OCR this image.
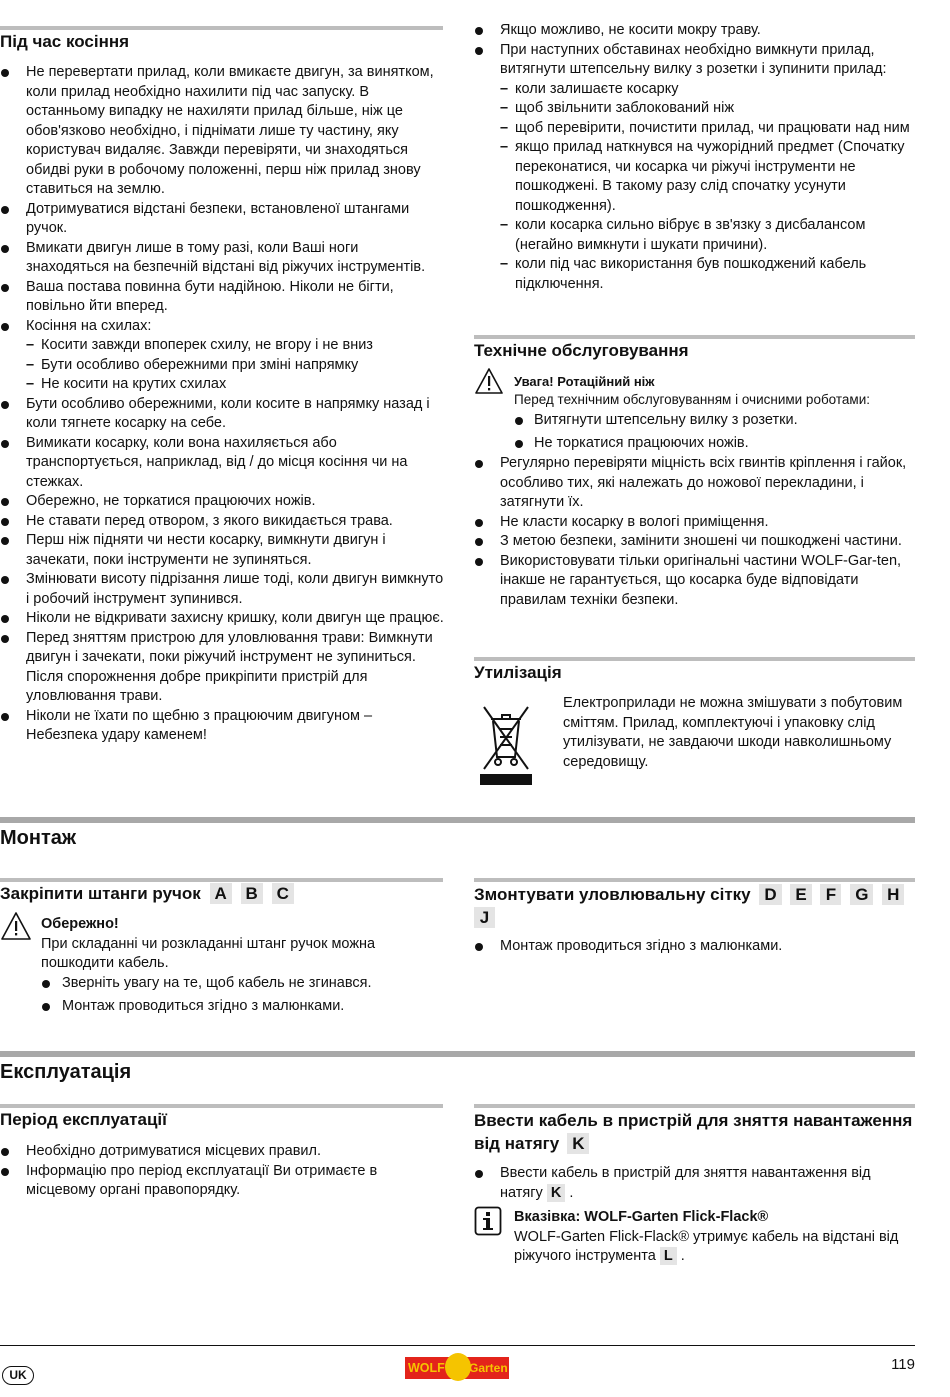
Під час косіння
Не перевертати прилад, коли вмикаєте двигун, за винятком, коли прилад необхідно нахилити під час запуску. В останньому випадку не нахиляти прилад більше, ніж це обов'язково необхідно, і піднімати лише ту частину, яку користувач видаляє. Завжди перевіряти, чи знаходяться обидві руки в робочому положенні, перш ніж прилад знову ставиться на землю.
Дотримуватися відстані безпеки, встановленої штангами ручок.
Вмикати двигун лише в тому разі, коли Ваші ноги знаходяться на безпечній відстані від ріжучих інструментів.
Ваша постава повинна бути надійною. Ніколи не бігти, повільно йти вперед.
Косіння на схилах:
– Косити завжди впоперек схилу, не вгору і не вниз
– Бути особливо обережними при зміні напрямку
– Не косити на крутих схилах
Бути особливо обережними, коли косите в напрямку назад і коли тягнете косарку на себе.
Вимикати косарку, коли вона нахиляється або транспортується, наприклад, від / до місця косіння чи на стежках.
Обережно, не торкатися працюючих ножів.
Не ставати перед отвором, з якого викидається трава.
Перш ніж підняти чи нести косарку, вимкнути двигун і зачекати, поки інструменти не зупиняться.
Змінювати висоту підрізання лише тоді, коли двигун вимкнуто і робочий інструмент зупинився.
Ніколи не відкривати захисну кришку, коли двигун ще працює.
Перед зняттям пристрою для уловлювання трави: Вимкнути двигун і зачекати, поки ріжучий інструмент не зупиниться. Після спорожнення добре прикріпити пристрій для уловлювання трави.
Ніколи не їхати по щебню з працюючим двигуном – Небезпека удару каменем!
Якщо можливо, не косити мокру траву.
При наступних обставинах необхідно вимкнути прилад, витягнути штепсельну вилку з розетки і зупинити прилад:
– коли залишаєте косарку
– щоб звільнити заблокований ніж
– щоб перевірити, почистити прилад, чи працювати над ним
– якщо прилад наткнувся на чужорідний предмет (Спочатку переконатися, чи косарка чи ріжучі інструменти не пошкоджені. В такому разу слід спочатку усунути пошкодження).
– коли косарка сильно вібрує в зв'язку з дисбалансом (негайно вимкнути і шукати причини).
– коли під час використання був пошкоджений кабель підключення.
Технічне обслуговування
Увага! Ротаційний ніж
Перед технічним обслуговуванням і очисними роботами:
Витягнути штепсельну вилку з розетки.
Не торкатися працюючих ножів.
Регулярно перевіряти міцність всіх гвинтів кріплення і гайок, особливо тих, які належать до ножової перекладини, і затягнути їх.
Не класти косарку в вологі приміщення.
З метою безпеки, замінити зношені чи пошкоджені частини.
Використовувати тільки оригінальні частини WOLF-Gar-ten, інакше не гарантується, що косарка буде відповідати правилам техніки безпеки.
Утилізація
Електроприлади не можна змішувати з побутовим сміттям. Прилад, комплектуючі і упаковку слід утилізувати, не завдаючи шкоди навколишньому середовищу.
Монтаж
Закріпити штанги ручок A B C
Обережно!
При складанні чи розкладанні штанг ручок можна пошкодити кабель.
Зверніть увагу на те, щоб кабель не згинався.
Монтаж проводиться згідно з малюнками.
Змонтувати уловлювальну сітку D E F G H J
Монтаж проводиться згідно з малюнками.
Експлуатація
Період експлуатації
Необхідно дотримуватися місцевих правил.
Інформацію про період експлуатації Ви отримаєте в місцевому органі правопорядку.
Ввести кабель в пристрій для зняття навантаження
від натягу K
Ввести кабель в пристрій для зняття навантаження від натягу K .
Вказівка: WOLF-Garten Flick-Flack®
WOLF-Garten Flick-Flack® утримує кабель на відстані від ріжучого інструмента L .
UK	WOLF Garten	119
